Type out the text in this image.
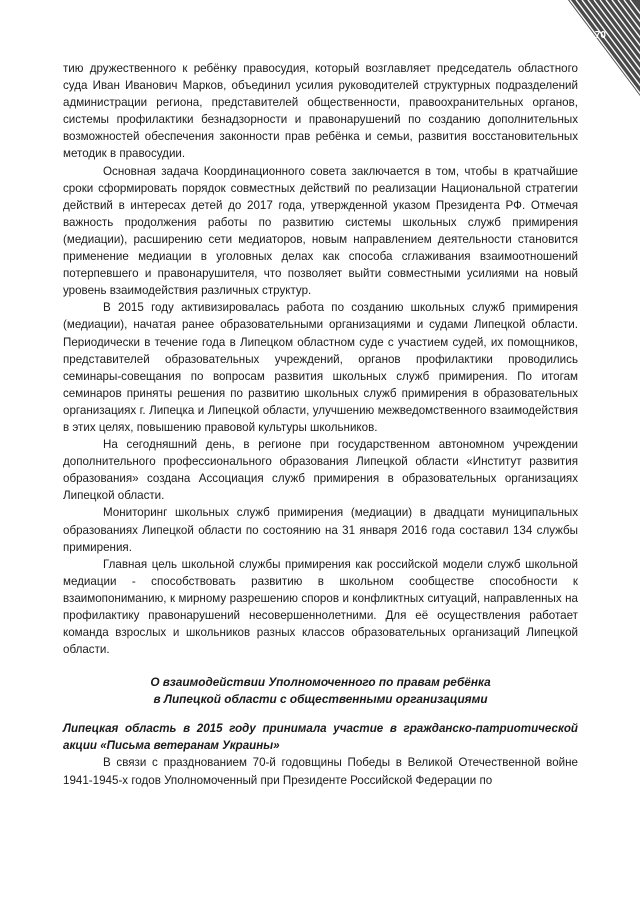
70

тию дружественного к ребёнку правосудия, который возглавляет председатель областного суда Иван Иванович Марков, объединил усилия руководителей структурных подразделений администрации региона, представителей общественности, правоохранительных органов, системы профилактики безнадзорности и правонарушений по созданию дополнительных возможностей обеспечения законности прав ребёнка и семьи, развития восстановительных методик в правосудии.

Основная задача Координационного совета заключается в том, чтобы в кратчайшие сроки сформировать порядок совместных действий по реализации Национальной стратегии действий в интересах детей до 2017 года, утвержденной указом Президента РФ. Отмечая важность продолжения работы по развитию системы школьных служб примирения (медиации), расширению сети медиаторов, новым направлением деятельности становится применение медиации в уголовных делах как способа сглаживания взаимоотношений потерпевшего и правонарушителя, что позволяет выйти совместными усилиями на новый уровень взаимодействия различных структур.

В 2015 году активизировалась работа по созданию школьных служб примирения (медиации), начатая ранее образовательными организациями и судами Липецкой области. Периодически в течение года в Липецком областном суде с участием судей, их помощников, представителей образовательных учреждений, органов профилактики проводились семинары-совещания по вопросам развития школьных служб примирения. По итогам семинаров приняты решения по развитию школьных служб примирения в образовательных организациях г. Липецка и Липецкой области, улучшению межведомственного взаимодействия в этих целях, повышению правовой культуры школьников.

На сегодняшний день, в регионе при государственном автономном учреждении дополнительного профессионального образования Липецкой области «Институт развития образования» создана Ассоциация служб примирения в образовательных организациях Липецкой области.

Мониторинг школьных служб примирения (медиации) в двадцати муниципальных образованиях Липецкой области по состоянию на 31 января 2016 года составил 134 службы примирения.

Главная цель школьной службы примирения как российской модели служб школьной медиации - способствовать развитию в школьном сообществе способности к взаимопониманию, к мирному разрешению споров и конфликтных ситуаций, направленных на профилактику правонарушений несовершеннолетними. Для её осуществления работает команда взрослых и школьников разных классов образовательных организаций Липецкой области.

О взаимодействии Уполномоченного по правам ребёнка
в Липецкой области с общественными организациями

Липецкая область в 2015 году принимала участие в гражданско-патриотической акции «Письма ветеранам Украины»

В связи с празднованием 70-й годовщины Победы в Великой Отечественной войне 1941-1945-х годов Уполномоченный при Президенте Российской Федерации по
